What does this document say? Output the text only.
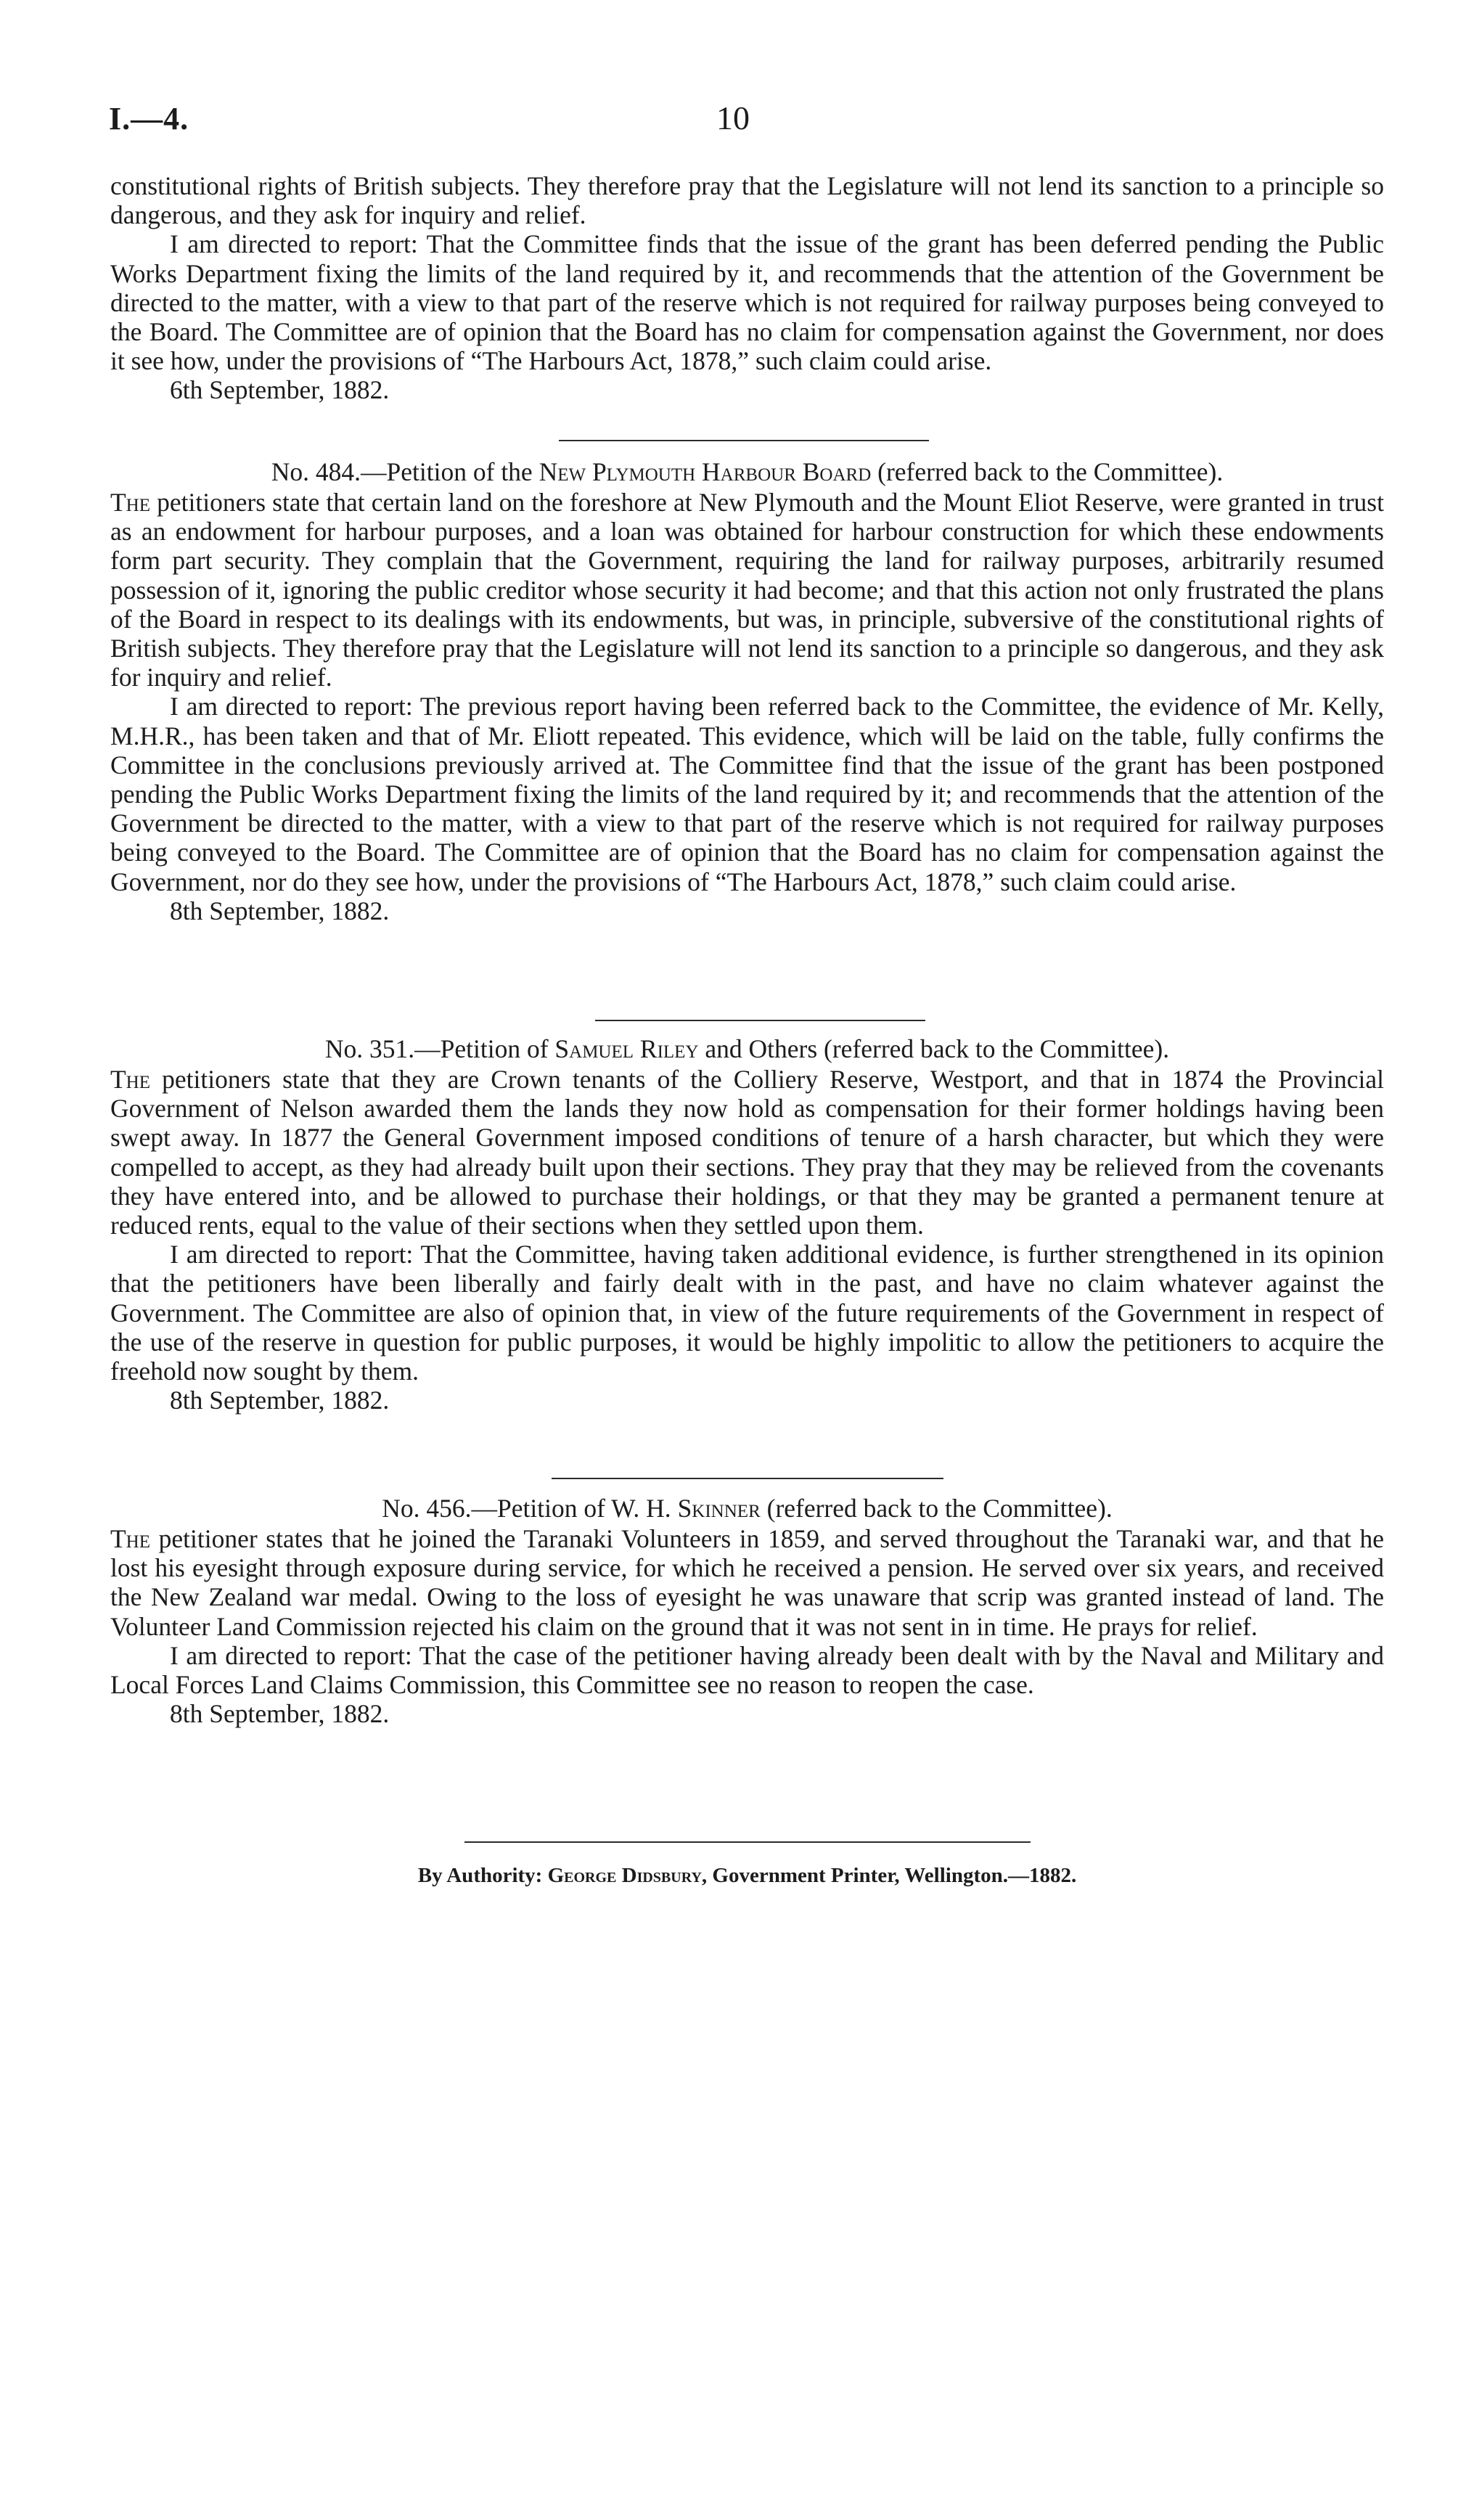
I.—4.	10

constitutional rights of British subjects. They therefore pray that the Legislature will not lend its sanction to a principle so dangerous, and they ask for inquiry and relief.

I am directed to report: That the Committee finds that the issue of the grant has been deferred pending the Public Works Department fixing the limits of the land required by it, and recommends that the attention of the Government be directed to the matter, with a view to that part of the reserve which is not required for railway purposes being conveyed to the Board. The Committee are of opinion that the Board has no claim for compensation against the Government, nor does it see how, under the provisions of “The Harbours Act, 1878,” such claim could arise.

6th September, 1882.

No. 484.—Petition of the New Plymouth Harbour Board (referred back to the Committee).

The petitioners state that certain land on the foreshore at New Plymouth and the Mount Eliot Reserve, were granted in trust as an endowment for harbour purposes, and a loan was obtained for harbour construction for which these endowments form part security. They complain that the Government, requiring the land for railway purposes, arbitrarily resumed possession of it, ignoring the public creditor whose security it had become; and that this action not only frustrated the plans of the Board in respect to its dealings with its endowments, but was, in principle, subversive of the constitutional rights of British subjects. They therefore pray that the Legislature will not lend its sanction to a principle so dangerous, and they ask for inquiry and relief.

I am directed to report: The previous report having been referred back to the Committee, the evidence of Mr. Kelly, M.H.R., has been taken and that of Mr. Eliott repeated. This evidence, which will be laid on the table, fully confirms the Committee in the conclusions previously arrived at. The Committee find that the issue of the grant has been postponed pending the Public Works Department fixing the limits of the land required by it; and recommends that the attention of the Government be directed to the matter, with a view to that part of the reserve which is not required for railway purposes being conveyed to the Board. The Committee are of opinion that the Board has no claim for compensation against the Government, nor do they see how, under the provisions of “The Harbours Act, 1878,” such claim could arise.

8th September, 1882.

No. 351.—Petition of Samuel Riley and Others (referred back to the Committee).

The petitioners state that they are Crown tenants of the Colliery Reserve, Westport, and that in 1874 the Provincial Government of Nelson awarded them the lands they now hold as compensation for their former holdings having been swept away. In 1877 the General Government imposed conditions of tenure of a harsh character, but which they were compelled to accept, as they had already built upon their sections. They pray that they may be relieved from the covenants they have entered into, and be allowed to purchase their holdings, or that they may be granted a permanent tenure at reduced rents, equal to the value of their sections when they settled upon them.

I am directed to report: That the Committee, having taken additional evidence, is further strengthened in its opinion that the petitioners have been liberally and fairly dealt with in the past, and have no claim whatever against the Government. The Committee are also of opinion that, in view of the future requirements of the Government in respect of the use of the reserve in question for public purposes, it would be highly impolitic to allow the petitioners to acquire the freehold now sought by them.

8th September, 1882.

No. 456.—Petition of W. H. Skinner (referred back to the Committee).

The petitioner states that he joined the Taranaki Volunteers in 1859, and served throughout the Taranaki war, and that he lost his eyesight through exposure during service, for which he received a pension. He served over six years, and received the New Zealand war medal. Owing to the loss of eyesight he was unaware that scrip was granted instead of land. The Volunteer Land Commission rejected his claim on the ground that it was not sent in in time. He prays for relief.

I am directed to report: That the case of the petitioner having already been dealt with by the Naval and Military and Local Forces Land Claims Commission, this Committee see no reason to reopen the case.

8th September, 1882.

By Authority: George Didsbury, Government Printer, Wellington.—1882.
